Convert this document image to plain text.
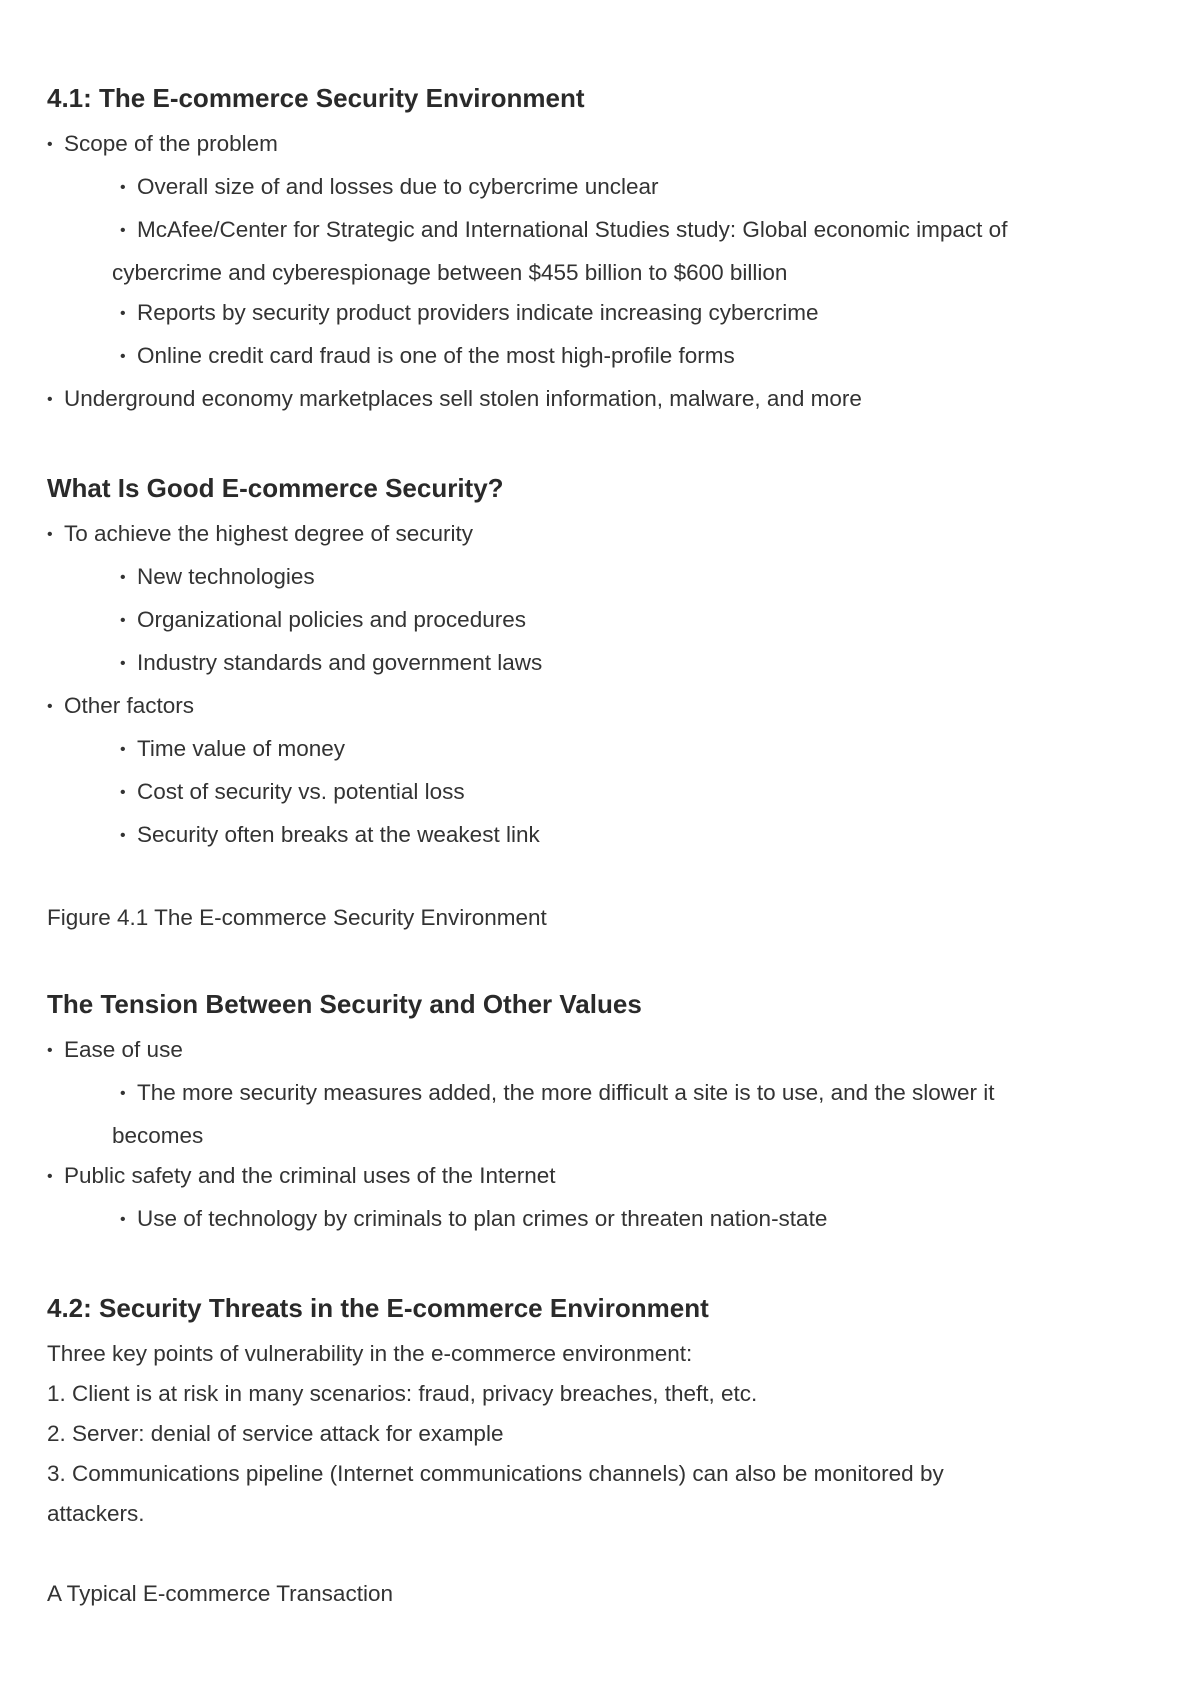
4.1: The E-commerce Security Environment
• Scope of the problem
• Overall size of and losses due to cybercrime unclear
• McAfee/Center for Strategic and International Studies study: Global economic impact of
cybercrime and cyberespionage between $455 billion to $600 billion
• Reports by security product providers indicate increasing cybercrime
• Online credit card fraud is one of the most high-profile forms
• Underground economy marketplaces sell stolen information, malware, and more
What Is Good E-commerce Security?
• To achieve the highest degree of security
• New technologies
• Organizational policies and procedures
• Industry standards and government laws
• Other factors
• Time value of money
• Cost of security vs. potential loss
• Security often breaks at the weakest link
Figure 4.1 The E-commerce Security Environment
The Tension Between Security and Other Values
• Ease of use
• The more security measures added, the more difficult a site is to use, and the slower it
becomes
• Public safety and the criminal uses of the Internet
• Use of technology by criminals to plan crimes or threaten nation-state
4.2: Security Threats in the E-commerce Environment
Three key points of vulnerability in the e-commerce environment:
1. Client is at risk in many scenarios: fraud, privacy breaches, theft, etc.
2. Server: denial of service attack for example
3. Communications pipeline (Internet communications channels) can also be monitored by
attackers.
A Typical E-commerce Transaction
